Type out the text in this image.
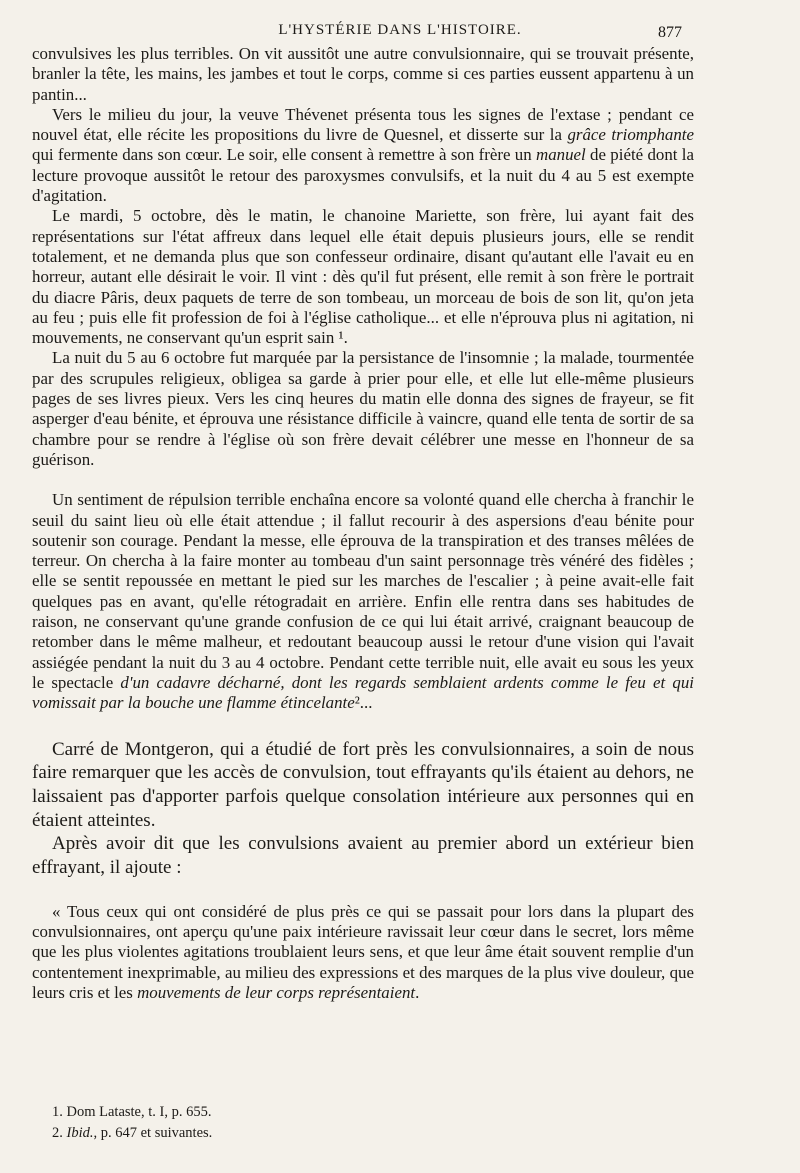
L'HYSTÉRIE DANS L'HISTOIRE.	877

convulsives les plus terribles. On vit aussitôt une autre convulsionnaire, qui se trouvait présente, branler la tête, les mains, les jambes et tout le corps, comme si ces parties eussent appartenu à un pantin...

Vers le milieu du jour, la veuve Thévenet présenta tous les signes de l'extase ; pendant ce nouvel état, elle récite les propositions du livre de Quesnel, et disserte sur la grâce triomphante qui fermente dans son cœur. Le soir, elle consent à remettre à son frère un manuel de piété dont la lecture provoque aussitôt le retour des paroxysmes convulsifs, et la nuit du 4 au 5 est exempte d'agitation.

Le mardi, 5 octobre, dès le matin, le chanoine Mariette, son frère, lui ayant fait des représentations sur l'état affreux dans lequel elle était depuis plusieurs jours, elle se rendit totalement, et ne demanda plus que son confesseur ordinaire, disant qu'autant elle l'avait eu en horreur, autant elle désirait le voir. Il vint : dès qu'il fut présent, elle remit à son frère le portrait du diacre Pâris, deux paquets de terre de son tombeau, un morceau de bois de son lit, qu'on jeta au feu ; puis elle fit profession de foi à l'église catholique... et elle n'éprouva plus ni agitation, ni mouvements, ne conservant qu'un esprit sain ¹.

La nuit du 5 au 6 octobre fut marquée par la persistance de l'insomnie ; la malade, tourmentée par des scrupules religieux, obligea sa garde à prier pour elle, et elle lut elle-même plusieurs pages de ses livres pieux. Vers les cinq heures du matin elle donna des signes de frayeur, se fit asperger d'eau bénite, et éprouva une résistance difficile à vaincre, quand elle tenta de sortir de sa chambre pour se rendre à l'église où son frère devait célébrer une messe en l'honneur de sa guérison.

Un sentiment de répulsion terrible enchaîna encore sa volonté quand elle chercha à franchir le seuil du saint lieu où elle était attendue ; il fallut recourir à des aspersions d'eau bénite pour soutenir son courage. Pendant la messe, elle éprouva de la transpiration et des transes mêlées de terreur. On chercha à la faire monter au tombeau d'un saint personnage très vénéré des fidèles ; elle se sentit repoussée en mettant le pied sur les marches de l'escalier ; à peine avait-elle fait quelques pas en avant, qu'elle rétogradait en arrière. Enfin elle rentra dans ses habitudes de raison, ne conservant qu'une grande confusion de ce qui lui était arrivé, craignant beaucoup de retomber dans le même malheur, et redoutant beaucoup aussi le retour d'une vision qui l'avait assiégée pendant la nuit du 3 au 4 octobre. Pendant cette terrible nuit, elle avait eu sous les yeux le spectacle d'un cadavre décharné, dont les regards semblaient ardents comme le feu et qui vomissait par la bouche une flamme étincelante²...

Carré de Montgeron, qui a étudié de fort près les convulsionnaires, a soin de nous faire remarquer que les accès de convulsion, tout effrayants qu'ils étaient au dehors, ne laissaient pas d'apporter parfois quelque consolation intérieure aux personnes qui en étaient atteintes.

Après avoir dit que les convulsions avaient au premier abord un extérieur bien effrayant, il ajoute :

« Tous ceux qui ont considéré de plus près ce qui se passait pour lors dans la plupart des convulsionnaires, ont aperçu qu'une paix intérieure ravissait leur cœur dans le secret, lors même que les plus violentes agitations troublaient leurs sens, et que leur âme était souvent remplie d'un contentement inexprimable, au milieu des expressions et des marques de la plus vive douleur, que leurs cris et les mouvements de leur corps représentaient.

1. Dom Lataste, t. I, p. 655.
2. Ibid., p. 647 et suivantes.
